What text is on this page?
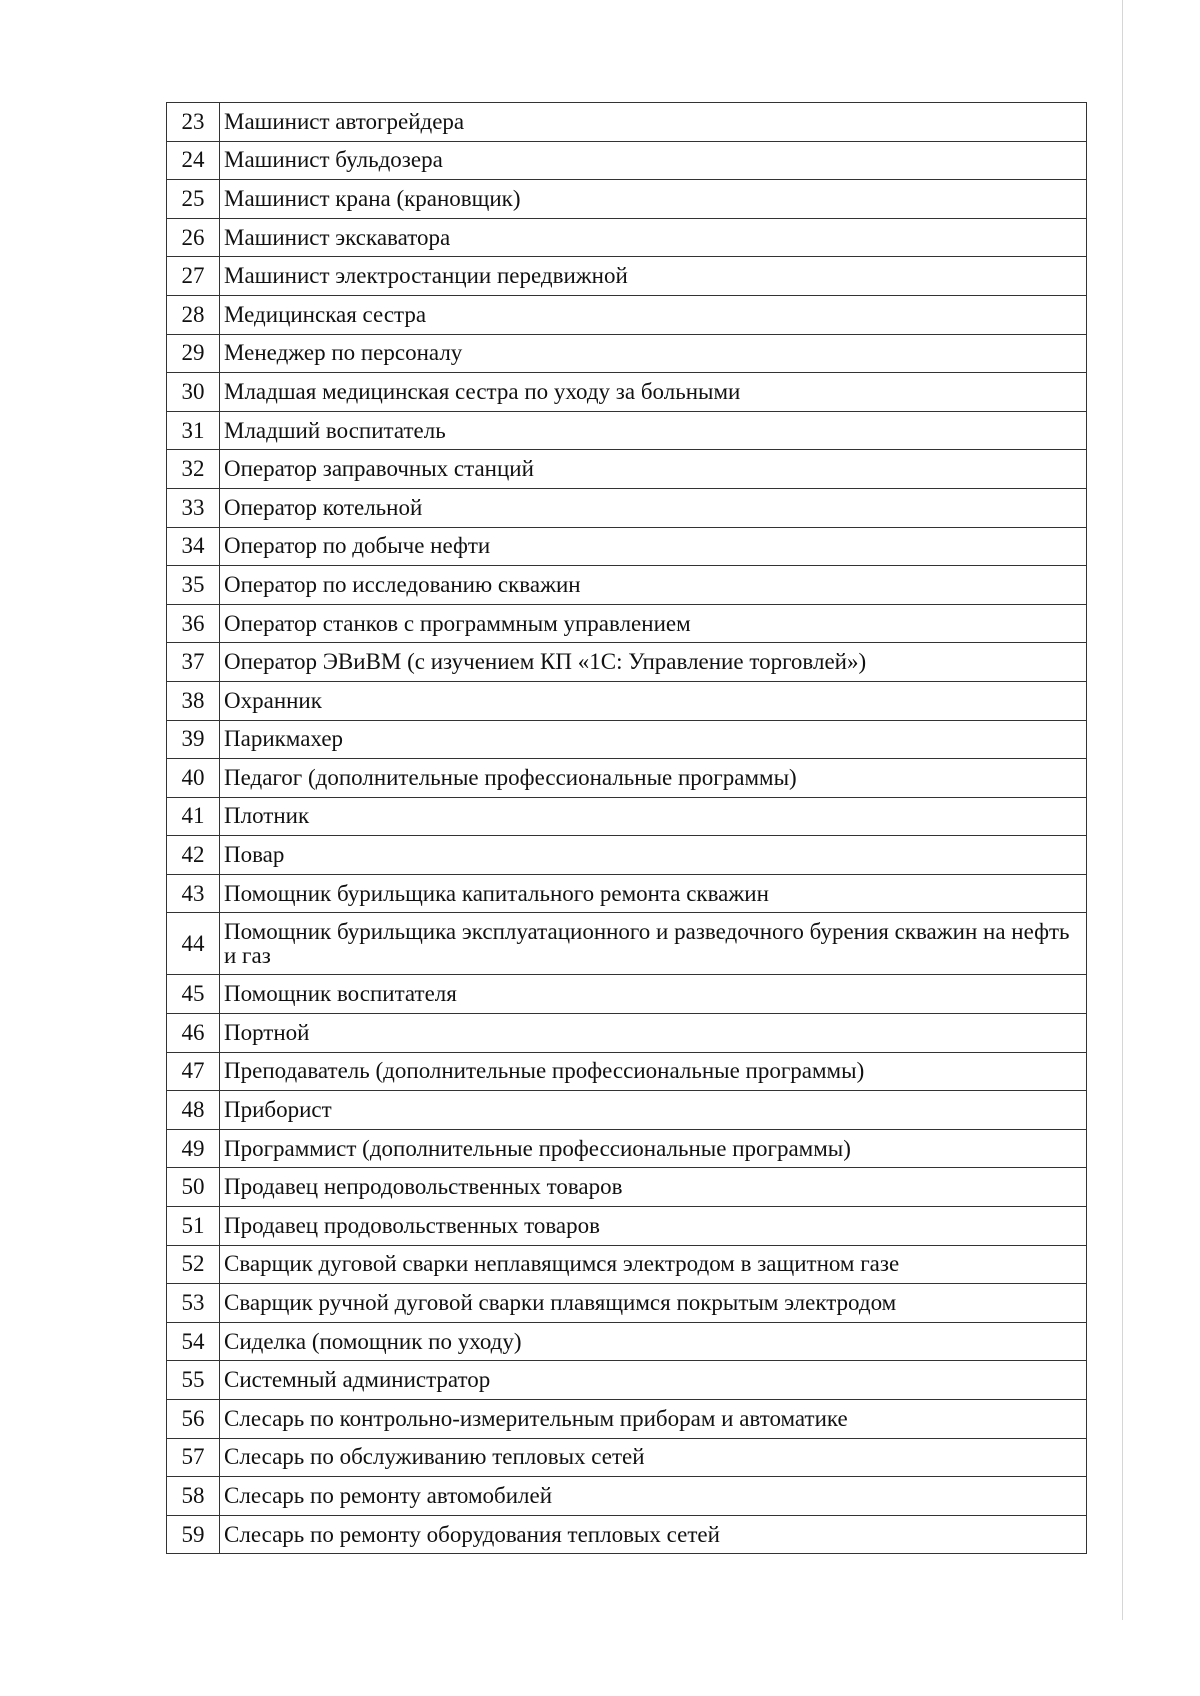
23	Машинист автогрейдера
24	Машинист бульдозера
25	Машинист крана (крановщик)
26	Машинист экскаватора
27	Машинист электростанции передвижной
28	Медицинская сестра
29	Менеджер по персоналу
30	Младшая медицинская сестра по уходу за больными
31	Младший воспитатель
32	Оператор заправочных станций
33	Оператор котельной
34	Оператор по добыче нефти
35	Оператор по исследованию скважин
36	Оператор станков с программным управлением
37	Оператор ЭВиВМ (с изучением КП «1С: Управление торговлей»)
38	Охранник
39	Парикмахер
40	Педагог (дополнительные профессиональные программы)
41	Плотник
42	Повар
43	Помощник бурильщика капитального ремонта скважин
44	Помощник бурильщика эксплуатационного и разведочного бурения скважин на нефть и газ
45	Помощник воспитателя
46	Портной
47	Преподаватель (дополнительные профессиональные программы)
48	Приборист
49	Программист (дополнительные профессиональные программы)
50	Продавец непродовольственных товаров
51	Продавец продовольственных товаров
52	Сварщик дуговой сварки неплавящимся электродом в защитном газе
53	Сварщик ручной дуговой сварки плавящимся покрытым электродом
54	Сиделка (помощник по уходу)
55	Системный администратор
56	Слесарь по контрольно-измерительным приборам и автоматике
57	Слесарь по обслуживанию тепловых сетей
58	Слесарь по ремонту автомобилей
59	Слесарь по ремонту оборудования тепловых сетей
